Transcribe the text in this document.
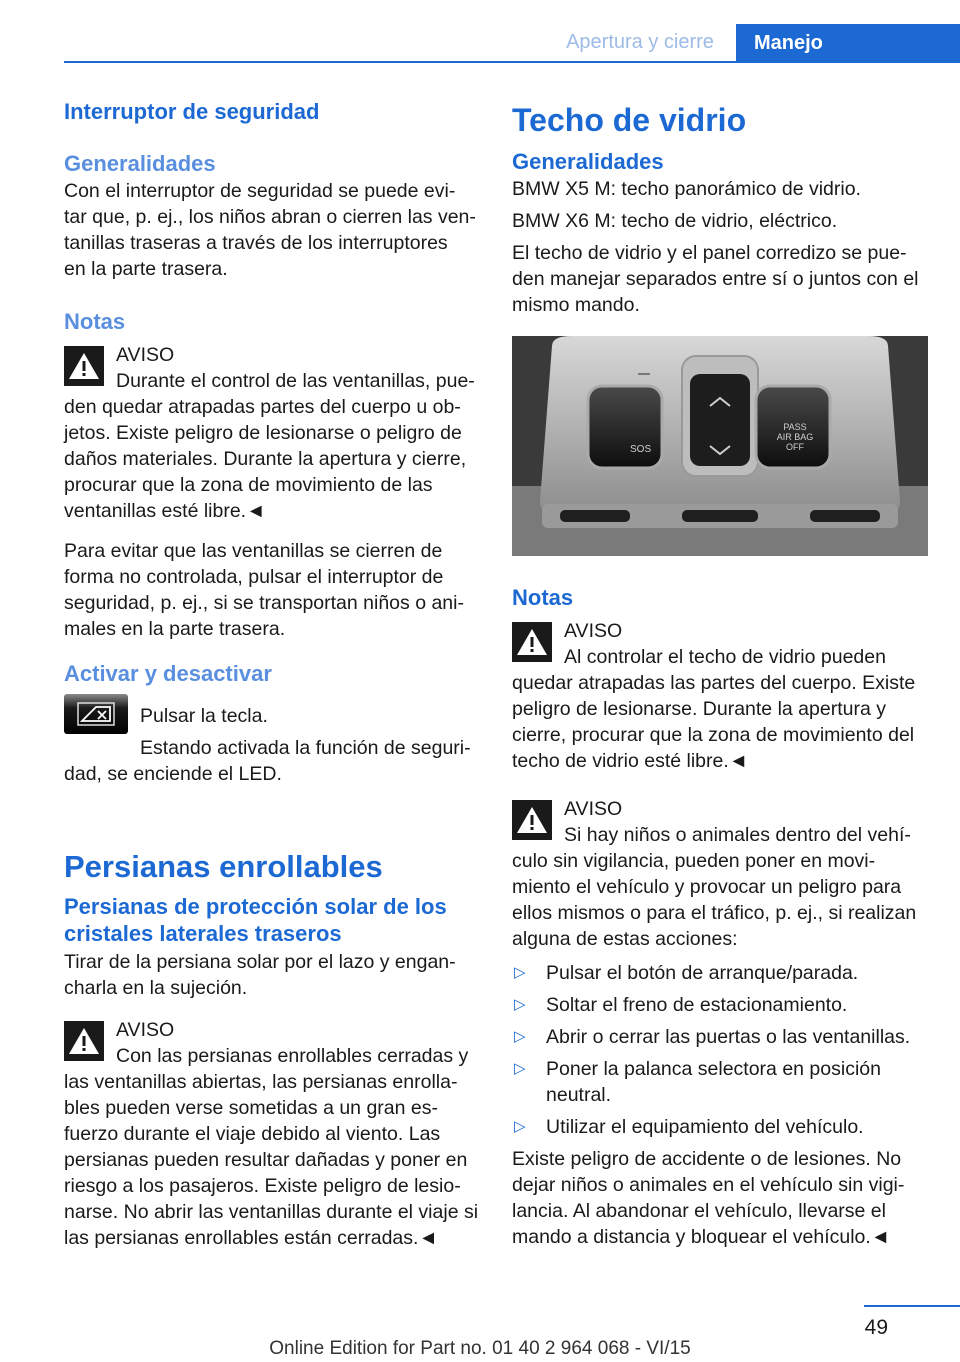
Apertura y cierre	Manejo
Interruptor de seguridad
Generalidades

Con el interruptor de seguridad se puede evi-
tar que, p. ej., los niños abran o cierren las ven-
tanillas traseras a través de los interruptores
en la parte trasera.

Notas

AVISO

Durante el control de las ventanillas, pue-
den quedar atrapadas partes del cuerpo u ob-
jetos. Existe peligro de lesionarse o peligro de
daños materiales. Durante la apertura y cierre,
procurar que la zona de movimiento de las
ventanillas esté libre.◄

Para evitar que las ventanillas se cierren de
forma no controlada, pulsar el interruptor de
seguridad, p. ej., si se transportan niños o ani-
males en la parte trasera.

Activar y desactivar

Pulsar la tecla.

Estando activada la función de seguri-
dad, se enciende el LED.

Persianas enrollables
Persianas de protección solar de los
cristales laterales traseros

Tirar de la persiana solar por el lazo y engan-
charla en la sujeción.

AVISO

Con las persianas enrollables cerradas y
las ventanillas abiertas, las persianas enrolla-
bles pueden verse sometidas a un gran es-
fuerzo durante el viaje debido al viento. Las
persianas pueden resultar dañadas y poner en
riesgo a los pasajeros. Existe peligro de lesio-
narse. No abrir las ventanillas durante el viaje si
las persianas enrollables están cerradas.◄

Techo de vidrio
Generalidades

BMW X5 M: techo panorámico de vidrio.

BMW X6 M: techo de vidrio, eléctrico.

El techo de vidrio y el panel corredizo se pue-
den manejar separados entre sí o juntos con el
mismo mando.

SOS
PASS
AIR BAG
OFF
Notas

AVISO

Al controlar el techo de vidrio pueden
quedar atrapadas las partes del cuerpo. Existe
peligro de lesionarse. Durante la apertura y
cierre, procurar que la zona de movimiento del
techo de vidrio esté libre.◄

AVISO

Si hay niños o animales dentro del vehí-
culo sin vigilancia, pueden poner en movi-
miento el vehículo y provocar un peligro para
ellos mismos o para el tráfico, p. ej., si realizan
alguna de estas acciones:

▷ Pulsar el botón de arranque/parada.
▷ Soltar el freno de estacionamiento.
▷ Abrir o cerrar las puertas o las ventanillas.
▷ Poner la palanca selectora en posición
neutral.
▷ Utilizar el equipamiento del vehículo.

Existe peligro de accidente o de lesiones. No
dejar niños o animales en el vehículo sin vigi-
lancia. Al abandonar el vehículo, llevarse el
mando a distancia y bloquear el vehículo.◄

49
Online Edition for Part no. 01 40 2 964 068 - VI/15
